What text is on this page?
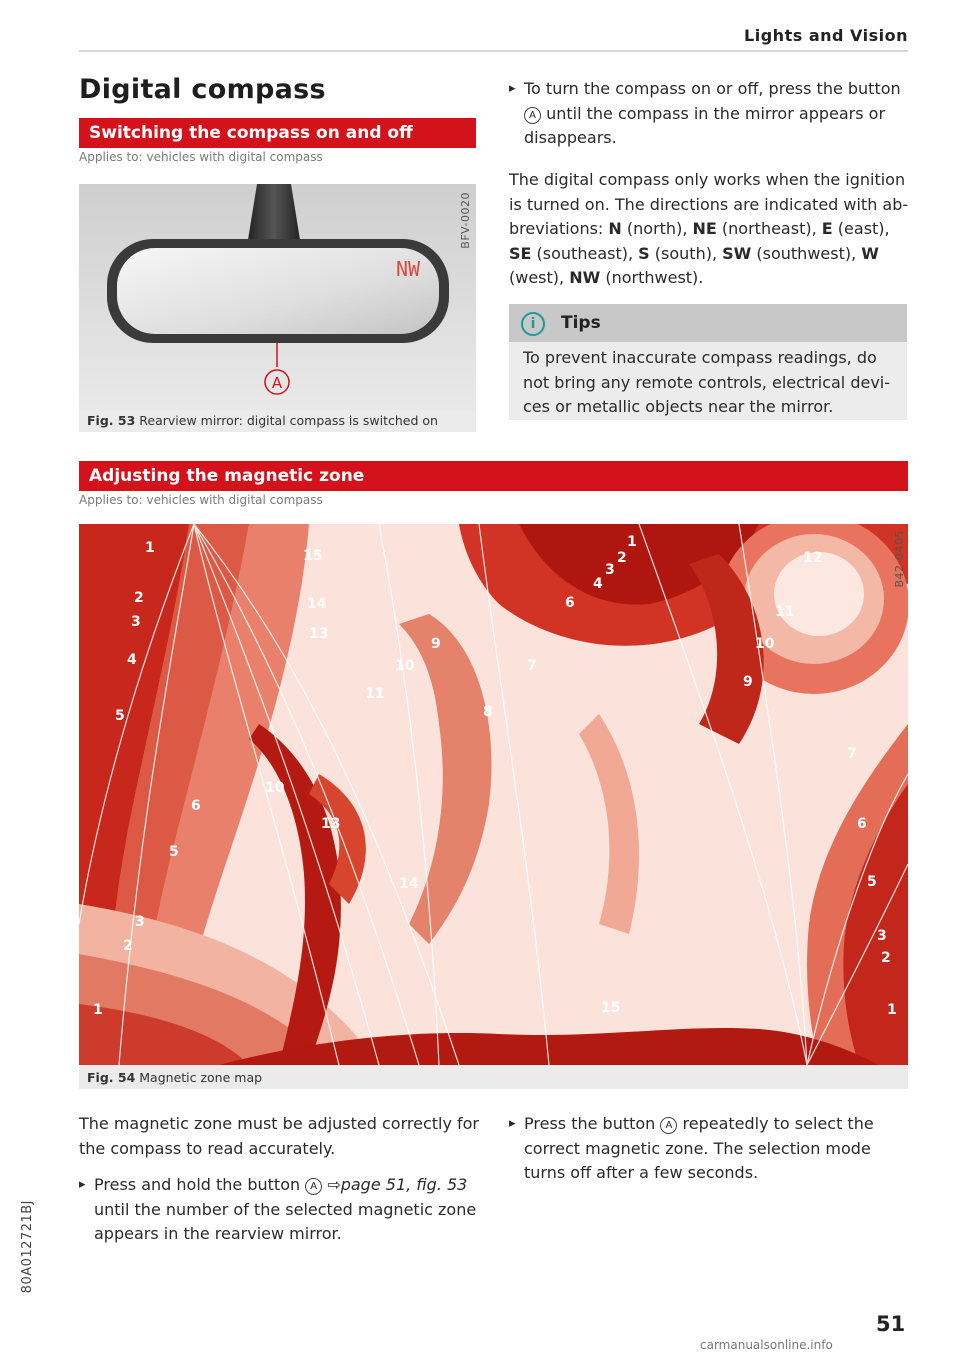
Lights and Vision
Digital compass
Switching the compass on and off
Applies to: vehicles with digital compass
NW
A
BFV-0020
Fig. 53 Rearview mirror: digital compass is switched on
▸ To turn the compass on or off, press the button
A until the compass in the mirror appears or
disappears.
The digital compass only works when the ignition
is turned on. The directions are indicated with ab-
breviations: N (north), NE (northeast), E (east),
SE (southeast), S (south), SW (southwest), W
(west), NW (northwest).
i	Tips
To prevent inaccurate compass readings, do
not bring any remote controls, electrical devi-
ces or metallic objects near the mirror.
Adjusting the magnetic zone
Applies to: vehicles with digital compass
1
2
3
4
5
6
7
8
9
10
11
12
13
14
15
1
2
3
5
6
10
13
14
15
1
2
3
4
11
10
9
7
6
5
3
2
1
B42-0405
Fig. 54 Magnetic zone map
The magnetic zone must be adjusted correctly for
the compass to read accurately.
▸ Press and hold the button A ⇨page 51, fig. 53
until the number of the selected magnetic zone
appears in the rearview mirror.
▸ Press the button A repeatedly to select the
correct magnetic zone. The selection mode
turns off after a few seconds.
80A012721BJ
51
carmanualsonline.info
